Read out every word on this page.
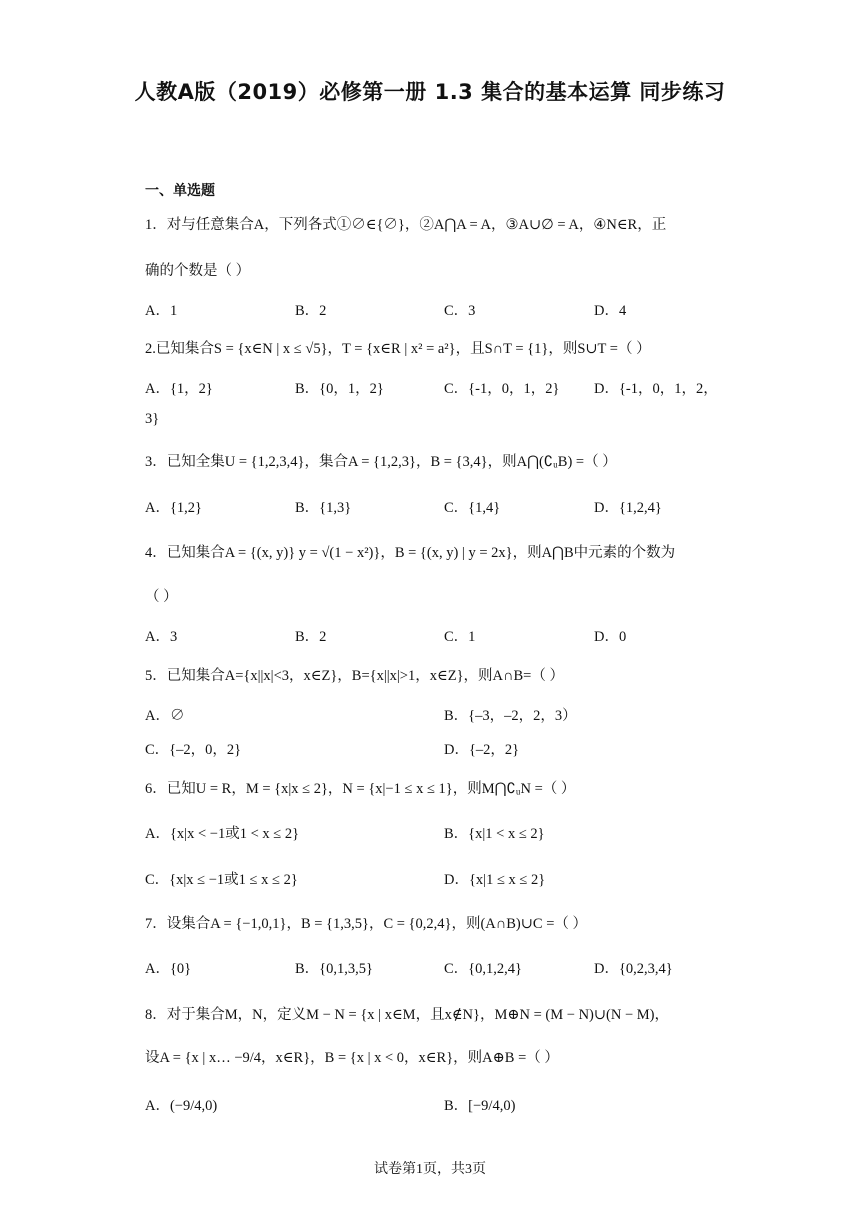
人教A版（2019）必修第一册 1.3 集合的基本运算 同步练习
一、单选题
1．对与任意集合A，下列各式①∅∈{∅}，②A⋂A = A，③A∪∅ = A，④N∈R，正
确的个数是（ ）
A．1	B．2	C．3	D．4
2.已知集合S = {x∈N | x ≤ √5}，T = {x∈R | x² = a²}，且S∩T = {1}，则S∪T =（ ）
A．{1，2}	B．{0，1，2}	C．{-1，0，1，2} D．{-1，0，1，2，
3}
3．已知全集U = {1,2,3,4}，集合A = {1,2,3}，B = {3,4}，则A⋂(∁ᵤB) =（ ）
A．{1,2}	B．{1,3}	C．{1,4}	D．{1,2,4}
4．已知集合A = {(x, y)} y = √(1 − x²)}，B = {(x, y) | y = 2x}，则A⋂B中元素的个数为
（ ）
A．3	B．2	C．1	D．0
5．已知集合A={x||x|<3，x∈Z}，B={x||x|>1，x∈Z}，则A∩B=（ ）
A．∅	B．{–3，–2，2，3）
C．{–2，0，2}	D．{–2，2}
6．已知U = R，M = {x|x ≤ 2}，N = {x|−1 ≤ x ≤ 1}，则M⋂∁ᵤN =（ ）
A．{x|x < −1或1 < x ≤ 2}	B．{x|1 < x ≤ 2}
C．{x|x ≤ −1或1 ≤ x ≤ 2}	D．{x|1 ≤ x ≤ 2}
7．设集合A = {−1,0,1}，B = {1,3,5}，C = {0,2,4}，则(A∩B)∪C =（ ）
A．{0}	B．{0,1,3,5}	C．{0,1,2,4}	D．{0,2,3,4}
8．对于集合M，N，定义M − N = {x | x∈M，且x∉N}，M⊕N = (M − N)∪(N − M)，
设A = {x | x… −9/4，x∈R}，B = {x | x < 0，x∈R}，则A⊕B =（ ）
A．(−9/4,0)	B．[−9/4,0)
试卷第1页，共3页
